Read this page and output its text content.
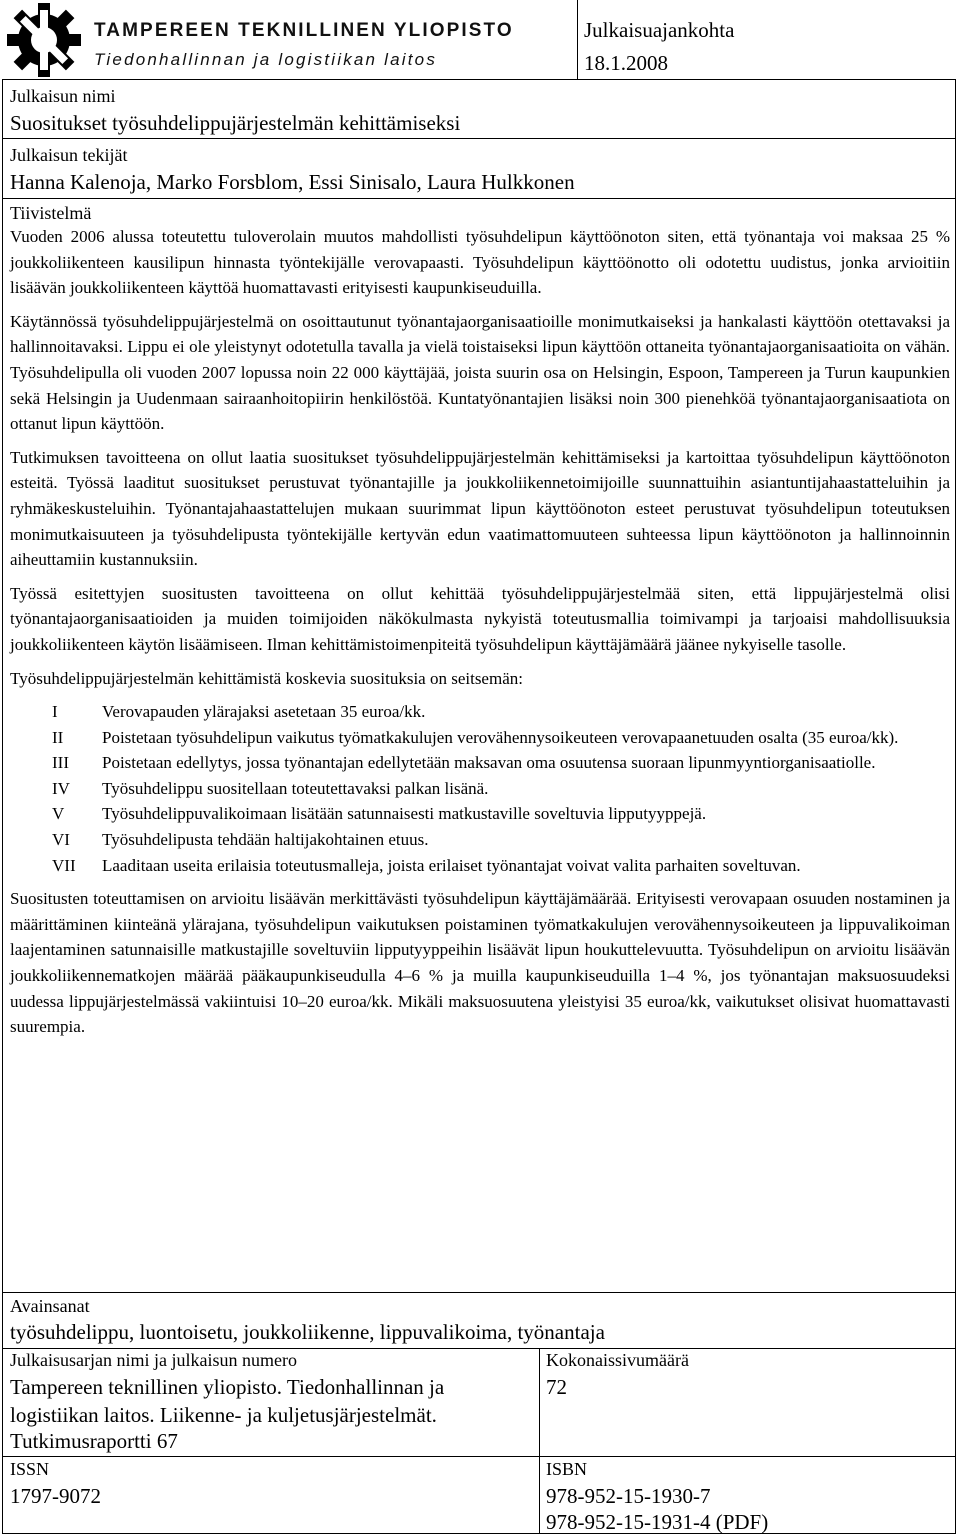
TAMPEREEN TEKNILLINEN YLIOPISTO
Tiedonhallinnan ja logistiikan laitos
Julkaisuajankohta
18.1.2008
Julkaisun nimi
Suositukset työsuhdelippujärjestelmän kehittämiseksi
Julkaisun tekijät
Hanna Kalenoja, Marko Forsblom, Essi Sinisalo, Laura Hulkkonen
Tiivistelmä

Vuoden 2006 alussa toteutettu tuloverolain muutos mahdollisti työsuhdelipun käyttöönoton siten, että työnantaja voi maksaa 25 % joukkoliikenteen kausilipun hinnasta työntekijälle verovapaasti. Työsuhdelipun käyttöönotto oli odotettu uudistus, jonka arvioitiin lisäävän joukkoliikenteen käyttöä huomattavasti erityisesti kaupunkiseuduilla.

Käytännössä työsuhdelippujärjestelmä on osoittautunut työnantajaorganisaatioille monimutkaiseksi ja hankalasti käyttöön otettavaksi ja hallinnoitavaksi. Lippu ei ole yleistynyt odotetulla tavalla ja vielä toistaiseksi lipun käyttöön ottaneita työnantajaorganisaatioita on vähän. Työsuhdelipulla oli vuoden 2007 lopussa noin 22 000 käyttäjää, joista suurin osa on Helsingin, Espoon, Tampereen ja Turun kaupunkien sekä Helsingin ja Uudenmaan sairaanhoitopiirin henkilöstöä. Kuntatyönantajien lisäksi noin 300 pienehköä työnantajaorganisaatiota on ottanut lipun käyttöön.

Tutkimuksen tavoitteena on ollut laatia suositukset työsuhdelippujärjestelmän kehittämiseksi ja kartoittaa työsuhdelipun käyttöönoton esteitä. Työssä laaditut suositukset perustuvat työnantajille ja joukkoliikennetoimijoille suunnattuihin asiantuntijahaastatteluihin ja ryhmäkeskusteluihin. Työnantajahaastattelujen mukaan suurimmat lipun käyttöönoton esteet perustuvat työsuhdelipun toteutuksen monimutkaisuuteen ja työsuhdelipusta työntekijälle kertyvän edun vaatimattomuuteen suhteessa lipun käyttöönoton ja hallinnoinnin aiheuttamiin kustannuksiin.

Työssä esitettyjen suositusten tavoitteena on ollut kehittää työsuhdelippujärjestelmää siten, että lippujärjestelmä olisi työnantajaorganisaatioiden ja muiden toimijoiden näkökulmasta nykyistä toteutusmallia toimivampi ja tarjoaisi mahdollisuuksia joukkoliikenteen käytön lisäämiseen. Ilman kehittämistoimenpiteitä työsuhdelipun käyttäjämäärä jäänee nykyiselle tasolle.

Työsuhdelippujärjestelmän kehittämistä koskevia suosituksia on seitsemän:

I	Verovapauden ylärajaksi asetetaan 35 euroa/kk.
II	Poistetaan työsuhdelipun vaikutus työmatkakulujen verovähennysoikeuteen verovapaanetuuden osalta (35 euroa/kk).
III	Poistetaan edellytys, jossa työnantajan edellytetään maksavan oma osuutensa suoraan lipunmyyntiorganisaatiolle.
IV	Työsuhdelippu suositellaan toteutettavaksi palkan lisänä.
V	Työsuhdelippuvalikoimaan lisätään satunnaisesti matkustaville soveltuvia lipputyyppejä.
VI	Työsuhdelipusta tehdään haltijakohtainen etuus.
VII	Laaditaan useita erilaisia toteutusmalleja, joista erilaiset työnantajat voivat valita parhaiten soveltuvan.

Suositusten toteuttamisen on arvioitu lisäävän merkittävästi työsuhdelipun käyttäjämäärää. Erityisesti verovapaan osuuden nostaminen ja määrittäminen kiinteänä ylärajana, työsuhdelipun vaikutuksen poistaminen työmatkakulujen verovähennysoikeuteen ja lippuvalikoiman laajentaminen satunnaisille matkustajille soveltuviin lipputyyppeihin lisäävät lipun houkuttelevuutta. Työsuhdelipun on arvioitu lisäävän joukkoliikennematkojen määrää pääkaupunkiseudulla 4–6 % ja muilla kaupunkiseuduilla 1–4 %, jos työnantajan maksuosuudeksi uudessa lippujärjestelmässä vakiintuisi 10–20 euroa/kk. Mikäli maksuosuutena yleistyisi 35 euroa/kk, vaikutukset olisivat huomattavasti suurempia.

Avainsanat
työsuhdelippu, luontoisetu, joukkoliikenne, lippuvalikoima, työnantaja
Julkaisusarjan nimi ja julkaisun numero
Tampereen teknillinen yliopisto. Tiedonhallinnan ja
logistiikan laitos. Liikenne- ja kuljetusjärjestelmät.
Tutkimusraportti 67
Kokonaissivumäärä
72
ISSN
1797-9072
ISBN
978-952-15-1930-7
978-952-15-1931-4 (PDF)
